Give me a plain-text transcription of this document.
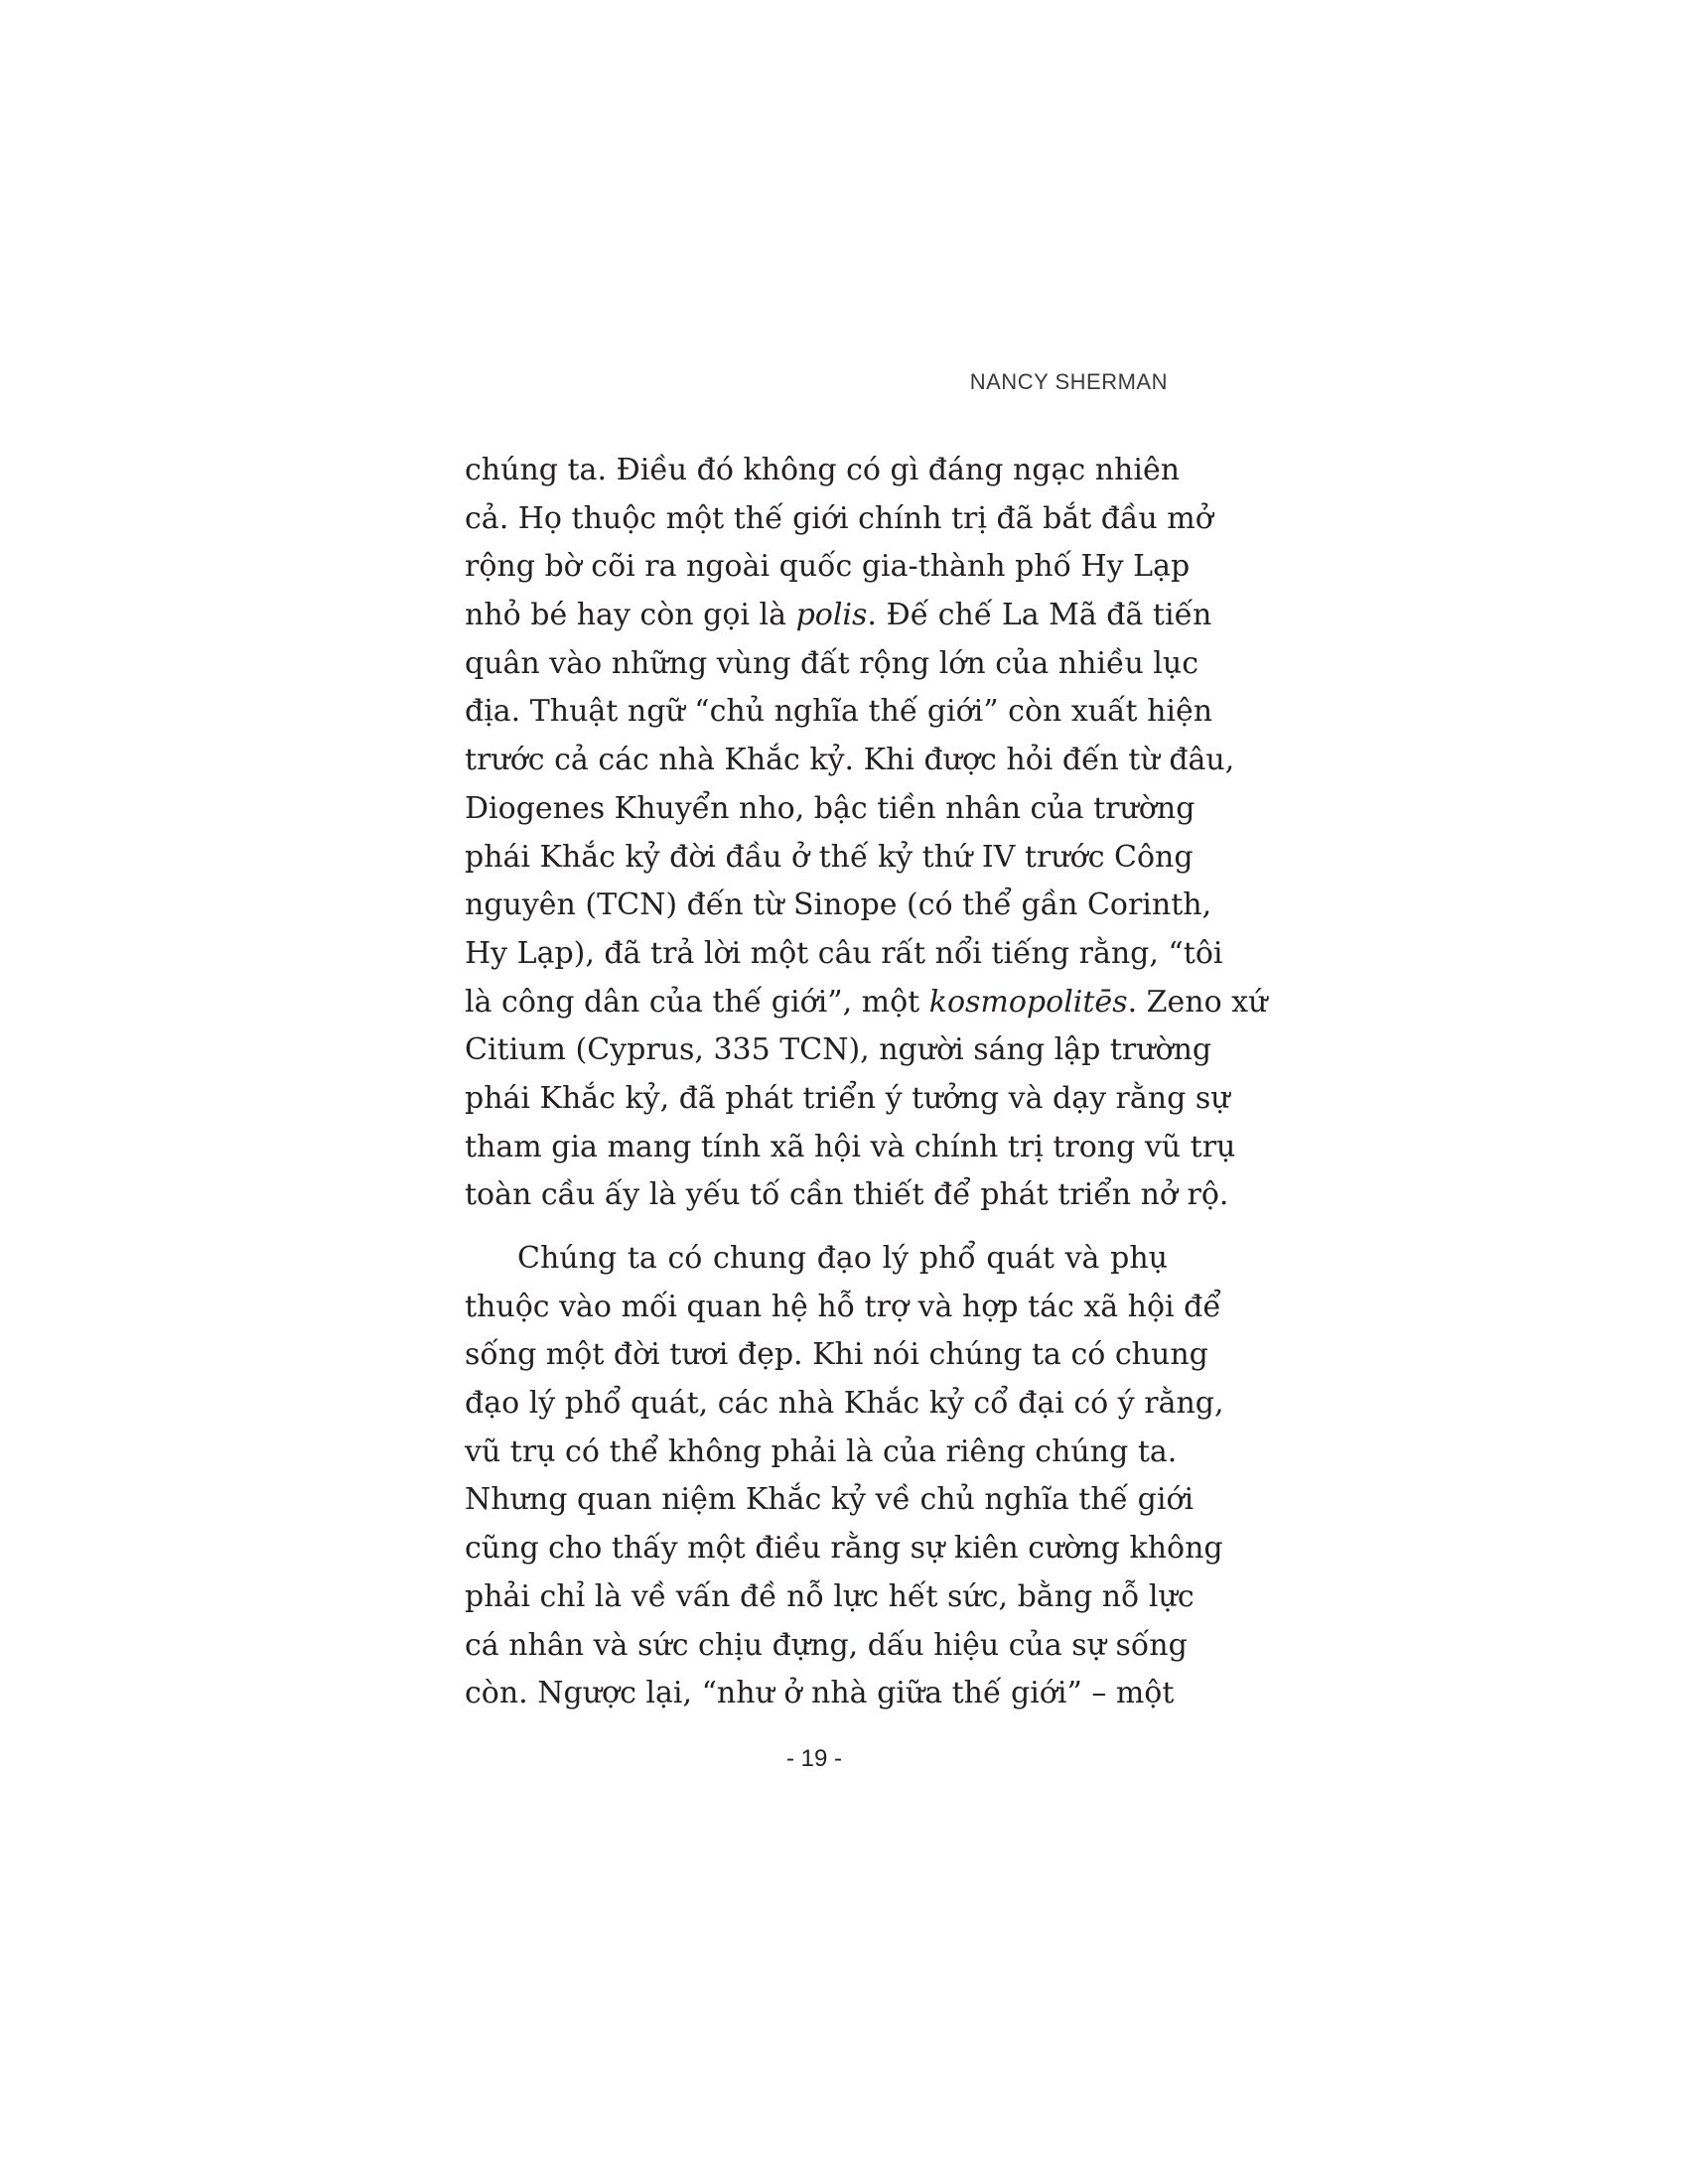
NANCY SHERMAN

chúng ta. Điều đó không có gì đáng ngạc nhiên
cả. Họ thuộc một thế giới chính trị đã bắt đầu mở
rộng bờ cõi ra ngoài quốc gia-thành phố Hy Lạp
nhỏ bé hay còn gọi là polis. Đế chế La Mã đã tiến
quân vào những vùng đất rộng lớn của nhiều lục
địa. Thuật ngữ “chủ nghĩa thế giới” còn xuất hiện
trước cả các nhà Khắc kỷ. Khi được hỏi đến từ đâu,
Diogenes Khuyển nho, bậc tiền nhân của trường
phái Khắc kỷ đời đầu ở thế kỷ thứ IV trước Công
nguyên (TCN) đến từ Sinope (có thể gần Corinth,
Hy Lạp), đã trả lời một câu rất nổi tiếng rằng, “tôi
là công dân của thế giới”, một kosmopolitēs. Zeno xứ
Citium (Cyprus, 335 TCN), người sáng lập trường
phái Khắc kỷ, đã phát triển ý tưởng và dạy rằng sự
tham gia mang tính xã hội và chính trị trong vũ trụ
toàn cầu ấy là yếu tố cần thiết để phát triển nở rộ.

Chúng ta có chung đạo lý phổ quát và phụ
thuộc vào mối quan hệ hỗ trợ và hợp tác xã hội để
sống một đời tươi đẹp. Khi nói chúng ta có chung
đạo lý phổ quát, các nhà Khắc kỷ cổ đại có ý rằng,
vũ trụ có thể không phải là của riêng chúng ta.
Nhưng quan niệm Khắc kỷ về chủ nghĩa thế giới
cũng cho thấy một điều rằng sự kiên cường không
phải chỉ là về vấn đề nỗ lực hết sức, bằng nỗ lực
cá nhân và sức chịu đựng, dấu hiệu của sự sống
còn. Ngược lại, “như ở nhà giữa thế giới” – một

- 19 -
